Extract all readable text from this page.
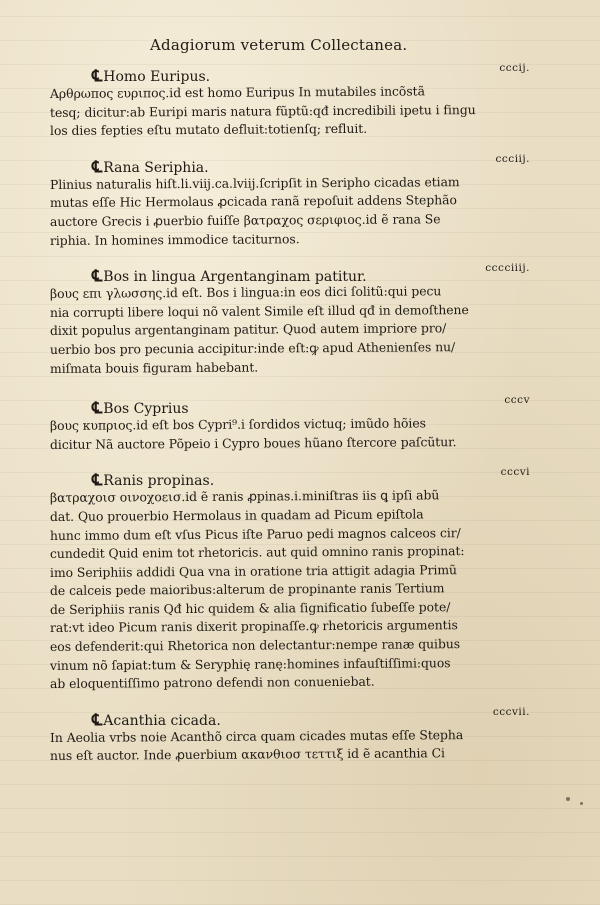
Adagiorum veterum Collectanea.
℄Homo Euripus.
cccij.
Αρθρωπος ευριπος.id est homo Euripus In mutabiles incõstã
tesq; dicitur:ab Euripi maris natura fũptũ:qđ incredibili ipetu i fingu
los dies fepties eſtu mutato defluit:totienſq; refluit.
℄Rana Seriphia.
ccciij.
Plinius naturalis hiſt.li.viij.ca.lviij.ſcripſit in Seripho cicadas etiam
mutas eſſe Hic Hermolaus ꝓcicada ranã repoſuit addens Stephão
auctore Grecis i ꝓuerbio fuiſſe βατραχος σεριφιος.id ẽ rana Se
riphia. In homines immodice taciturnos.
℄Bos in lingua Argentanginam patitur.
cccciiij.
βους επι γλωσσης.id eſt. Bos i lingua:in eos dici ſolitũ:qui pecu
nia corrupti libere loqui nõ valent Simile eſt illud qđ in demoſthene
dixit populus argentanginam patitur. Quod autem impriore pro/
uerbio bos pro pecunia accipitur:inde eſt:ꝙ apud Athenienſes nu/
miſmata bouis figuram habebant.
℄Bos Cyprius
cccv
βους κυπριος.id eſt bos Cypri⁹.i ſordidos victuq; imũdo hõies
dicitur Nã auctore Põpeio i Cypro boues hũano ſtercore paſcũtur.
℄Ranis propinas.
cccvi
βατραχοισ οινοχοεισ.id ẽ ranis ꝓpinas.i.miniſtras iis ꝗ ipſi abũ
dat. Quo prouerbio Hermolaus in quadam ad Picum epiſtola
hunc immo dum eſt vſus Picus iſte Paruo pedi magnos calceos cir/
cundedit Quid enim tot rhetoricis. aut quid omnino ranis propinat:
imo Seriphiis addidi Qua vna in oratione tria attigit adagia Primũ
de calceis pede maioribus:alterum de propinante ranis Tertium
de Seriphiis ranis Qđ hic quidem & alia ſignificatio ſubeſſe pote/
rat:vt ideo Picum ranis dixerit propinaſſe.ꝙ rhetoricis argumentis
eos defenderit:qui Rhetorica non delectantur:nempe ranæ quibus
vinum nõ ſapiat:tum & Seryphię ranę:homines infauſtiſſimi:quos
ab eloquentiſſimo patrono defendi non conueniebat.
℄Acanthia cicada.
cccvii.
In Aeolia vrbs noie Acanthõ circa quam cicades mutas eſſe Stepha
nus eſt auctor. Inde ꝓuerbium ακανθιοσ τεττιξ id ẽ acanthia Ci
